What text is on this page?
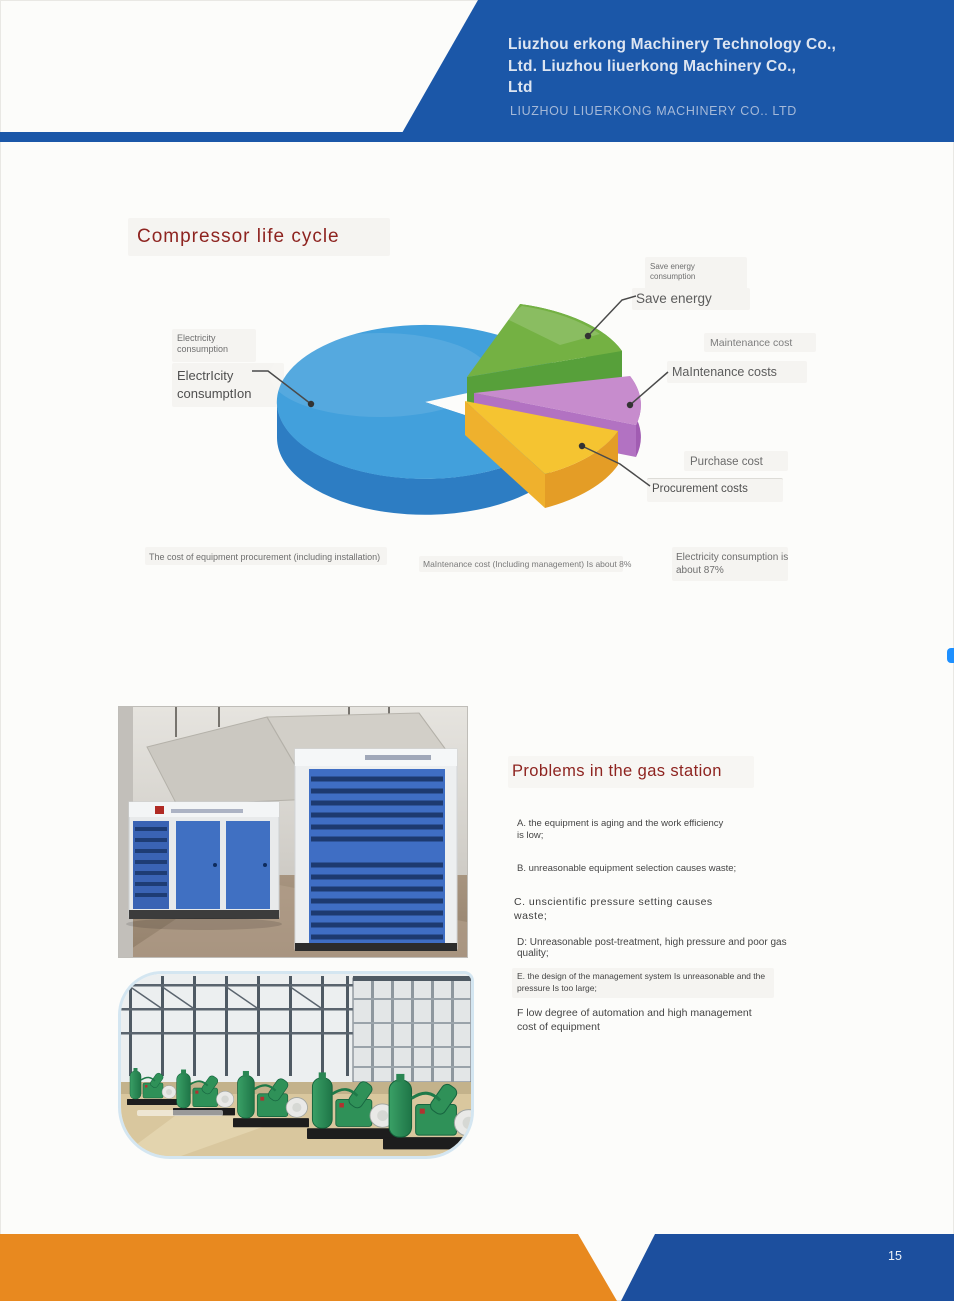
Liuzhou erkong Machinery Technology Co.,
Ltd. Liuzhou liuerkong Machinery Co.,
Ltd
LIUZHOU LIUERKONG MACHINERY CO.. LTD
Compressor life cycle
Save energy
consumption
Save energy
Maintenance cost
MaIntenance costs
Purchase cost
Procurement costs
Electricity
consumption
ElectrIcity
consumptIon
The cost of equipment procurement (including installation)
MaIntenance cost (Including management) Is about 8%
Electricity consumption is
about 87%
Problems in the gas station
A. the equipment is aging and the work efficiency is low;
B. unreasonable equipment selection causes waste;
C. unscientific pressure setting causes waste;
D: Unreasonable post-treatment, high pressure and poor gas quality;
E. the design of the management system Is unreasonable and the pressure Is too large;
F low degree of automation and high management cost of equipment
15
